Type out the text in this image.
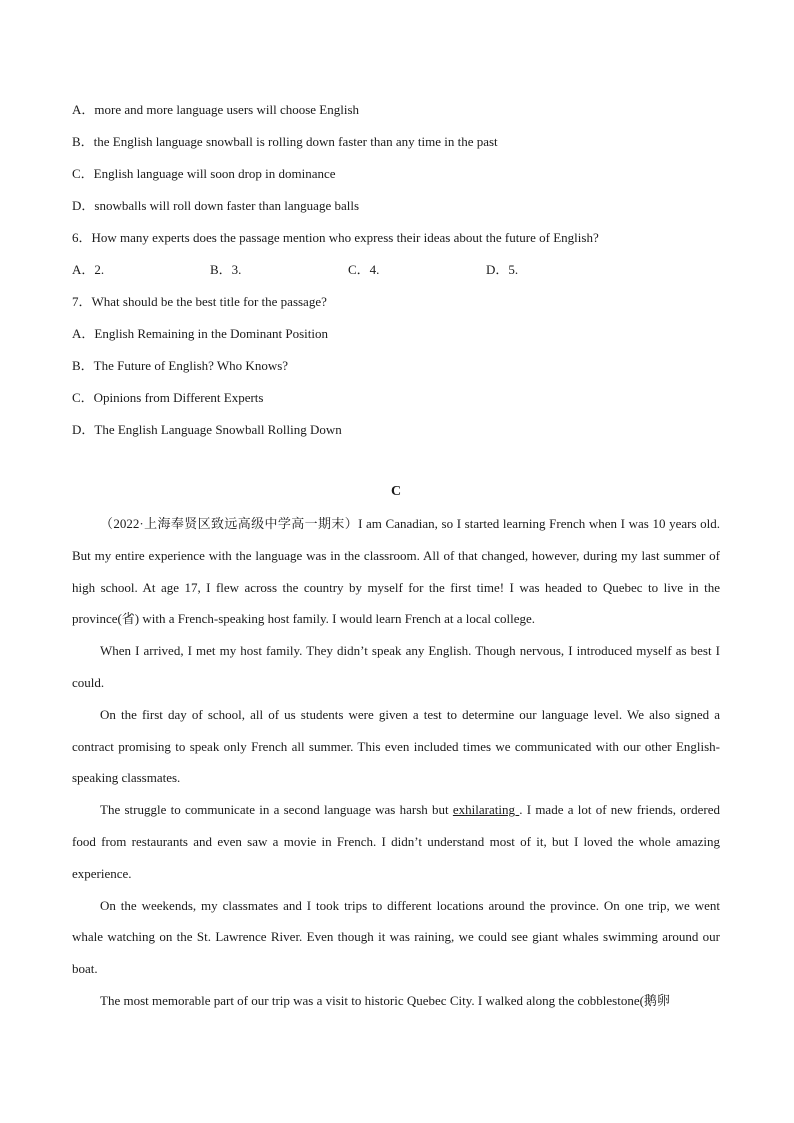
A．more and more language users will choose English
B．the English language snowball is rolling down faster than any time in the past
C．English language will soon drop in dominance
D．snowballs will roll down faster than language balls
6．How many experts does the passage mention who express their ideas about the future of English?
A．2.	B．3.	C．4.	D．5.
7．What should be the best title for the passage?
A．English Remaining in the Dominant Position
B．The Future of English? Who Knows?
C．Opinions from Different Experts
D．The English Language Snowball Rolling Down
C

（2022·上海奉贤区致远高级中学高一期末）I am Canadian, so I started learning French when I was 10 years old. But my entire experience with the language was in the classroom. All of that changed, however, during my last summer of high school. At age 17, I flew across the country by myself for the first time! I was headed to Quebec to live in the province(省) with a French-speaking host family. I would learn French at a local college.

When I arrived, I met my host family. They didn’t speak any English. Though nervous, I introduced myself as best I could.

On the first day of school, all of us students were given a test to determine our language level. We also signed a contract promising to speak only French all summer. This even included times we communicated with our other English-speaking classmates.

The struggle to communicate in a second language was harsh but exhilarating . I made a lot of new friends, ordered food from restaurants and even saw a movie in French. I didn’t understand most of it, but I loved the whole amazing experience.

On the weekends, my classmates and I took trips to different locations around the province. On one trip, we went whale watching on the St. Lawrence River. Even though it was raining, we could see giant whales swimming around our boat.

The most memorable part of our trip was a visit to historic Quebec City. I walked along the cobblestone(鹅卵
